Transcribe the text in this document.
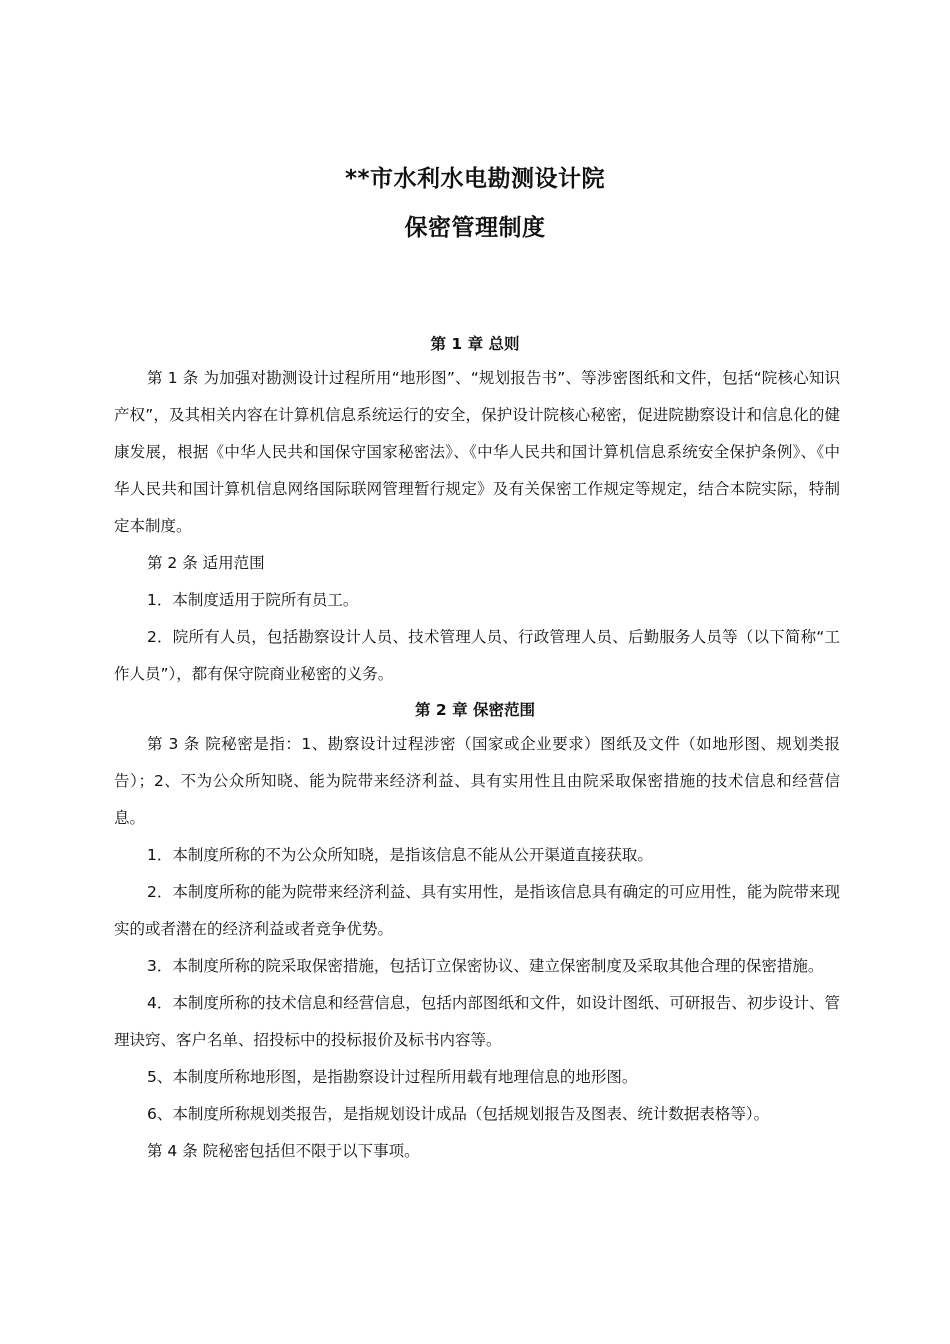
**市水利水电勘测设计院
保密管理制度
第 1 章 总则

第 1 条 为加强对勘测设计过程所用“地形图”、“规划报告书”、等涉密图纸和文件，包括“院核心知识产权”，及其相关内容在计算机信息系统运行的安全，保护设计院核心秘密，促进院勘察设计和信息化的健康发展，根据《中华人民共和国保守国家秘密法》、《中华人民共和国计算机信息系统安全保护条例》、《中华人民共和国计算机信息网络国际联网管理暂行规定》及有关保密工作规定等规定，结合本院实际，特制定本制度。

第 2 条 适用范围

1．本制度适用于院所有员工。

2．院所有人员，包括勘察设计人员、技术管理人员、行政管理人员、后勤服务人员等（以下简称“工作人员”），都有保守院商业秘密的义务。

第 2 章 保密范围

第 3 条 院秘密是指：1、勘察设计过程涉密（国家或企业要求）图纸及文件（如地形图、规划类报告）；2、不为公众所知晓、能为院带来经济利益、具有实用性且由院采取保密措施的技术信息和经营信息。

1．本制度所称的不为公众所知晓，是指该信息不能从公开渠道直接获取。

2．本制度所称的能为院带来经济利益、具有实用性，是指该信息具有确定的可应用性，能为院带来现实的或者潜在的经济利益或者竞争优势。

3．本制度所称的院采取保密措施，包括订立保密协议、建立保密制度及采取其他合理的保密措施。

4．本制度所称的技术信息和经营信息，包括内部图纸和文件，如设计图纸、可研报告、初步设计、管理诀窍、客户名单、招投标中的投标报价及标书内容等。

5、本制度所称地形图，是指勘察设计过程所用载有地理信息的地形图。

6、本制度所称规划类报告，是指规划设计成品（包括规划报告及图表、统计数据表格等）。

第 4 条 院秘密包括但不限于以下事项。
